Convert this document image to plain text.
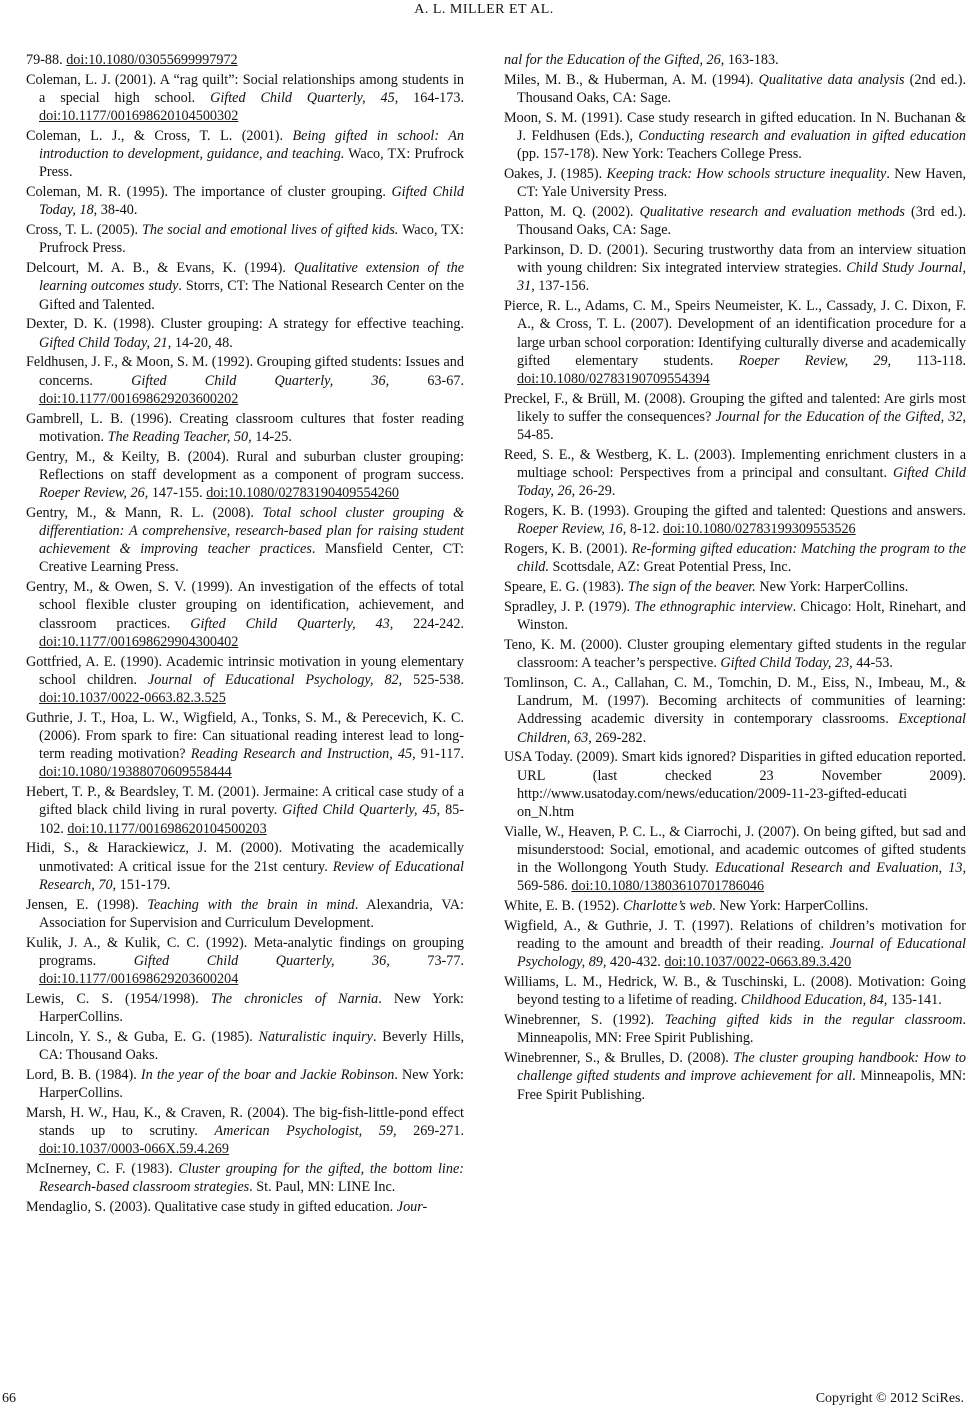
A. L. MILLER ET AL.

79-88. doi:10.1080/03055699997972

Coleman, L. J. (2001). A “rag quilt”: Social relationships among students in a special high school. Gifted Child Quarterly, 45, 164-173. doi:10.1177/001698620104500302

Coleman, L. J., & Cross, T. L. (2001). Being gifted in school: An introduction to development, guidance, and teaching. Waco, TX: Prufrock Press.

Coleman, M. R. (1995). The importance of cluster grouping. Gifted Child Today, 18, 38-40.

Cross, T. L. (2005). The social and emotional lives of gifted kids. Waco, TX: Prufrock Press.

Delcourt, M. A. B., & Evans, K. (1994). Qualitative extension of the learning outcomes study. Storrs, CT: The National Research Center on the Gifted and Talented.

Dexter, D. K. (1998). Cluster grouping: A strategy for effective teaching. Gifted Child Today, 21, 14-20, 48.

Feldhusen, J. F., & Moon, S. M. (1992). Grouping gifted students: Issues and concerns. Gifted Child Quarterly, 36, 63-67. doi:10.1177/001698629203600202

Gambrell, L. B. (1996). Creating classroom cultures that foster reading motivation. The Reading Teacher, 50, 14-25.

Gentry, M., & Keilty, B. (2004). Rural and suburban cluster grouping: Reflections on staff development as a component of program success. Roeper Review, 26, 147-155. doi:10.1080/02783190409554260

Gentry, M., & Mann, R. L. (2008). Total school cluster grouping & differentiation: A comprehensive, research-based plan for raising student achievement & improving teacher practices. Mansfield Center, CT: Creative Learning Press.

Gentry, M., & Owen, S. V. (1999). An investigation of the effects of total school flexible cluster grouping on identification, achievement, and classroom practices. Gifted Child Quarterly, 43, 224-242. doi:10.1177/001698629904300402

Gottfried, A. E. (1990). Academic intrinsic motivation in young elementary school children. Journal of Educational Psychology, 82, 525-538. doi:10.1037/0022-0663.82.3.525

Guthrie, J. T., Hoa, L. W., Wigfield, A., Tonks, S. M., & Perecevich, K. C. (2006). From spark to fire: Can situational reading interest lead to long-term reading motivation? Reading Research and Instruction, 45, 91-117. doi:10.1080/19388070609558444

Hebert, T. P., & Beardsley, T. M. (2001). Jermaine: A critical case study of a gifted black child living in rural poverty. Gifted Child Quarterly, 45, 85-102. doi:10.1177/001698620104500203

Hidi, S., & Harackiewicz, J. M. (2000). Motivating the academically unmotivated: A critical issue for the 21st century. Review of Educational Research, 70, 151-179.

Jensen, E. (1998). Teaching with the brain in mind. Alexandria, VA: Association for Supervision and Curriculum Development.

Kulik, J. A., & Kulik, C. C. (1992). Meta-analytic findings on grouping programs. Gifted Child Quarterly, 36, 73-77. doi:10.1177/001698629203600204

Lewis, C. S. (1954/1998). The chronicles of Narnia. New York: HarperCollins.

Lincoln, Y. S., & Guba, E. G. (1985). Naturalistic inquiry. Beverly Hills, CA: Thousand Oaks.

Lord, B. B. (1984). In the year of the boar and Jackie Robinson. New York: HarperCollins.

Marsh, H. W., Hau, K., & Craven, R. (2004). The big-fish-little-pond effect stands up to scrutiny. American Psychologist, 59, 269-271. doi:10.1037/0003-066X.59.4.269

McInerney, C. F. (1983). Cluster grouping for the gifted, the bottom line: Research-based classroom strategies. St. Paul, MN: LINE Inc.

Mendaglio, S. (2003). Qualitative case study in gifted education. Jour-

nal for the Education of the Gifted, 26, 163-183.

Miles, M. B., & Huberman, A. M. (1994). Qualitative data analysis (2nd ed.). Thousand Oaks, CA: Sage.

Moon, S. M. (1991). Case study research in gifted education. In N. Buchanan & J. Feldhusen (Eds.), Conducting research and evaluation in gifted education (pp. 157-178). New York: Teachers College Press.

Oakes, J. (1985). Keeping track: How schools structure inequality. New Haven, CT: Yale University Press.

Patton, M. Q. (2002). Qualitative research and evaluation methods (3rd ed.). Thousand Oaks, CA: Sage.

Parkinson, D. D. (2001). Securing trustworthy data from an interview situation with young children: Six integrated interview strategies. Child Study Journal, 31, 137-156.

Pierce, R. L., Adams, C. M., Speirs Neumeister, K. L., Cassady, J. C. Dixon, F. A., & Cross, T. L. (2007). Development of an identification procedure for a large urban school corporation: Identifying culturally diverse and academically gifted elementary students. Roeper Review, 29, 113-118. doi:10.1080/02783190709554394

Preckel, F., & Brüll, M. (2008). Grouping the gifted and talented: Are girls most likely to suffer the consequences? Journal for the Education of the Gifted, 32, 54-85.

Reed, S. E., & Westberg, K. L. (2003). Implementing enrichment clusters in a multiage school: Perspectives from a principal and consultant. Gifted Child Today, 26, 26-29.

Rogers, K. B. (1993). Grouping the gifted and talented: Questions and answers. Roeper Review, 16, 8-12. doi:10.1080/02783199309553526

Rogers, K. B. (2001). Re-forming gifted education: Matching the program to the child. Scottsdale, AZ: Great Potential Press, Inc.

Speare, E. G. (1983). The sign of the beaver. New York: HarperCollins.

Spradley, J. P. (1979). The ethnographic interview. Chicago: Holt, Rinehart, and Winston.

Teno, K. M. (2000). Cluster grouping elementary gifted students in the regular classroom: A teacher’s perspective. Gifted Child Today, 23, 44-53.

Tomlinson, C. A., Callahan, C. M., Tomchin, D. M., Eiss, N., Imbeau, M., & Landrum, M. (1997). Becoming architects of communities of learning: Addressing academic diversity in contemporary classrooms. Exceptional Children, 63, 269-282.

USA Today. (2009). Smart kids ignored? Disparities in gifted education reported. URL (last checked 23 November 2009). http://www.usatoday.com/news/education/2009-11-23-gifted-educati on_N.htm

Vialle, W., Heaven, P. C. L., & Ciarrochi, J. (2007). On being gifted, but sad and misunderstood: Social, emotional, and academic outcomes of gifted students in the Wollongong Youth Study. Educational Research and Evaluation, 13, 569-586. doi:10.1080/13803610701786046

White, E. B. (1952). Charlotte’s web. New York: HarperCollins.

Wigfield, A., & Guthrie, J. T. (1997). Relations of children’s motivation for reading to the amount and breadth of their reading. Journal of Educational Psychology, 89, 420-432. doi:10.1037/0022-0663.89.3.420

Williams, L. M., Hedrick, W. B., & Tuschinski, L. (2008). Motivation: Going beyond testing to a lifetime of reading. Childhood Education, 84, 135-141.

Winebrenner, S. (1992). Teaching gifted kids in the regular classroom. Minneapolis, MN: Free Spirit Publishing.

Winebrenner, S., & Brulles, D. (2008). The cluster grouping handbook: How to challenge gifted students and improve achievement for all. Minneapolis, MN: Free Spirit Publishing.

66	Copyright © 2012 SciRes.
